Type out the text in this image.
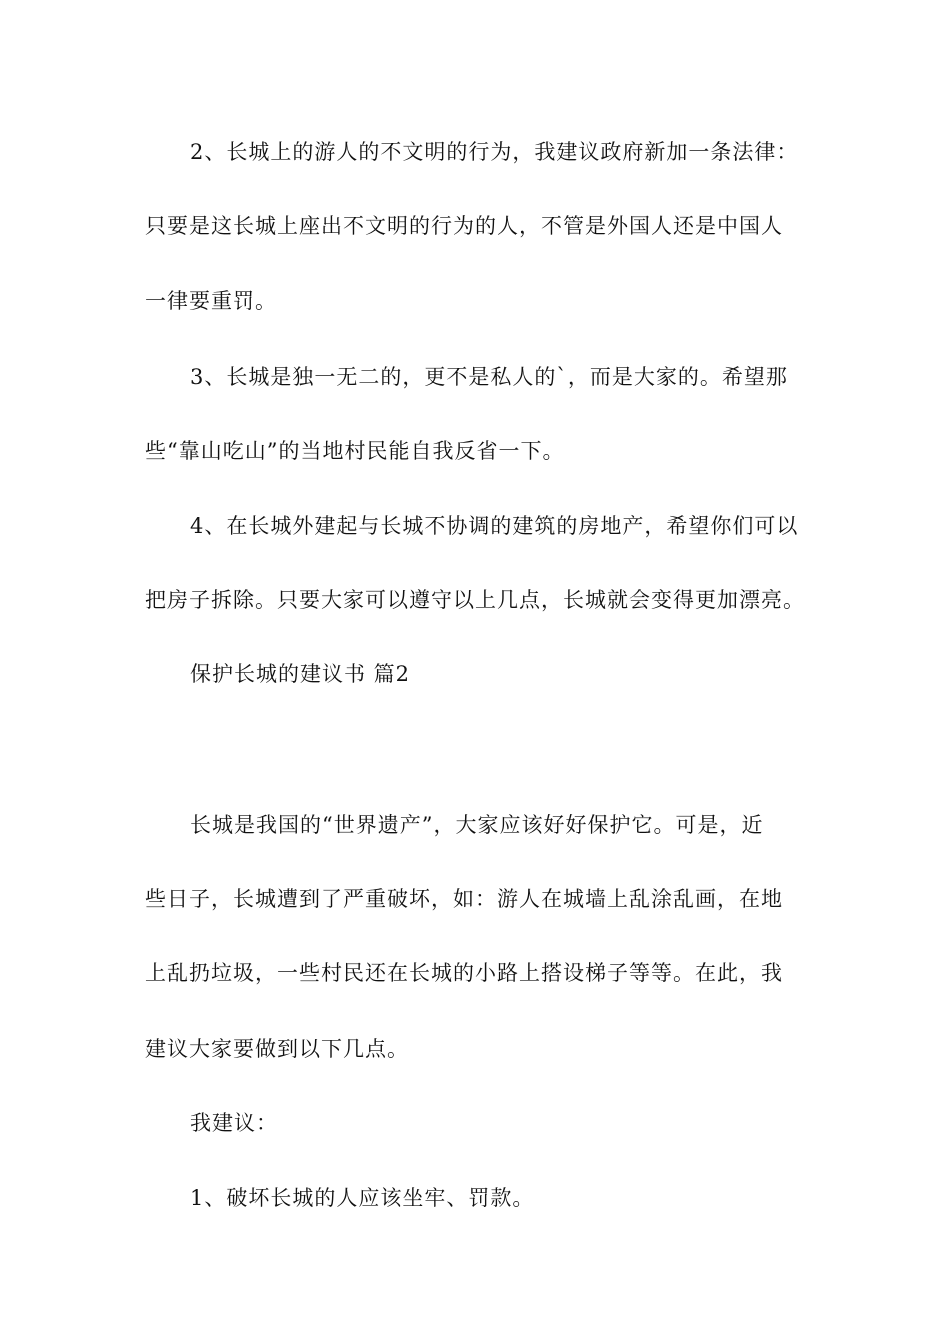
2、长城上的游人的不文明的行为，我建议政府新加一条法律：
只要是这长城上座出不文明的行为的人，不管是外国人还是中国人
一律要重罚。
3、长城是独一无二的，更不是私人的`，而是大家的。希望那
些“靠山吃山”的当地村民能自我反省一下。
4、在长城外建起与长城不协调的建筑的房地产，希望你们可以
把房子拆除。只要大家可以遵守以上几点，长城就会变得更加漂亮。
保护长城的建议书 篇2
长城是我国的“世界遗产”，大家应该好好保护它。可是，近
些日子，长城遭到了严重破坏，如：游人在城墙上乱涂乱画，在地
上乱扔垃圾，一些村民还在长城的小路上搭设梯子等等。在此，我
建议大家要做到以下几点。
我建议：
1、破坏长城的人应该坐牢、罚款。
